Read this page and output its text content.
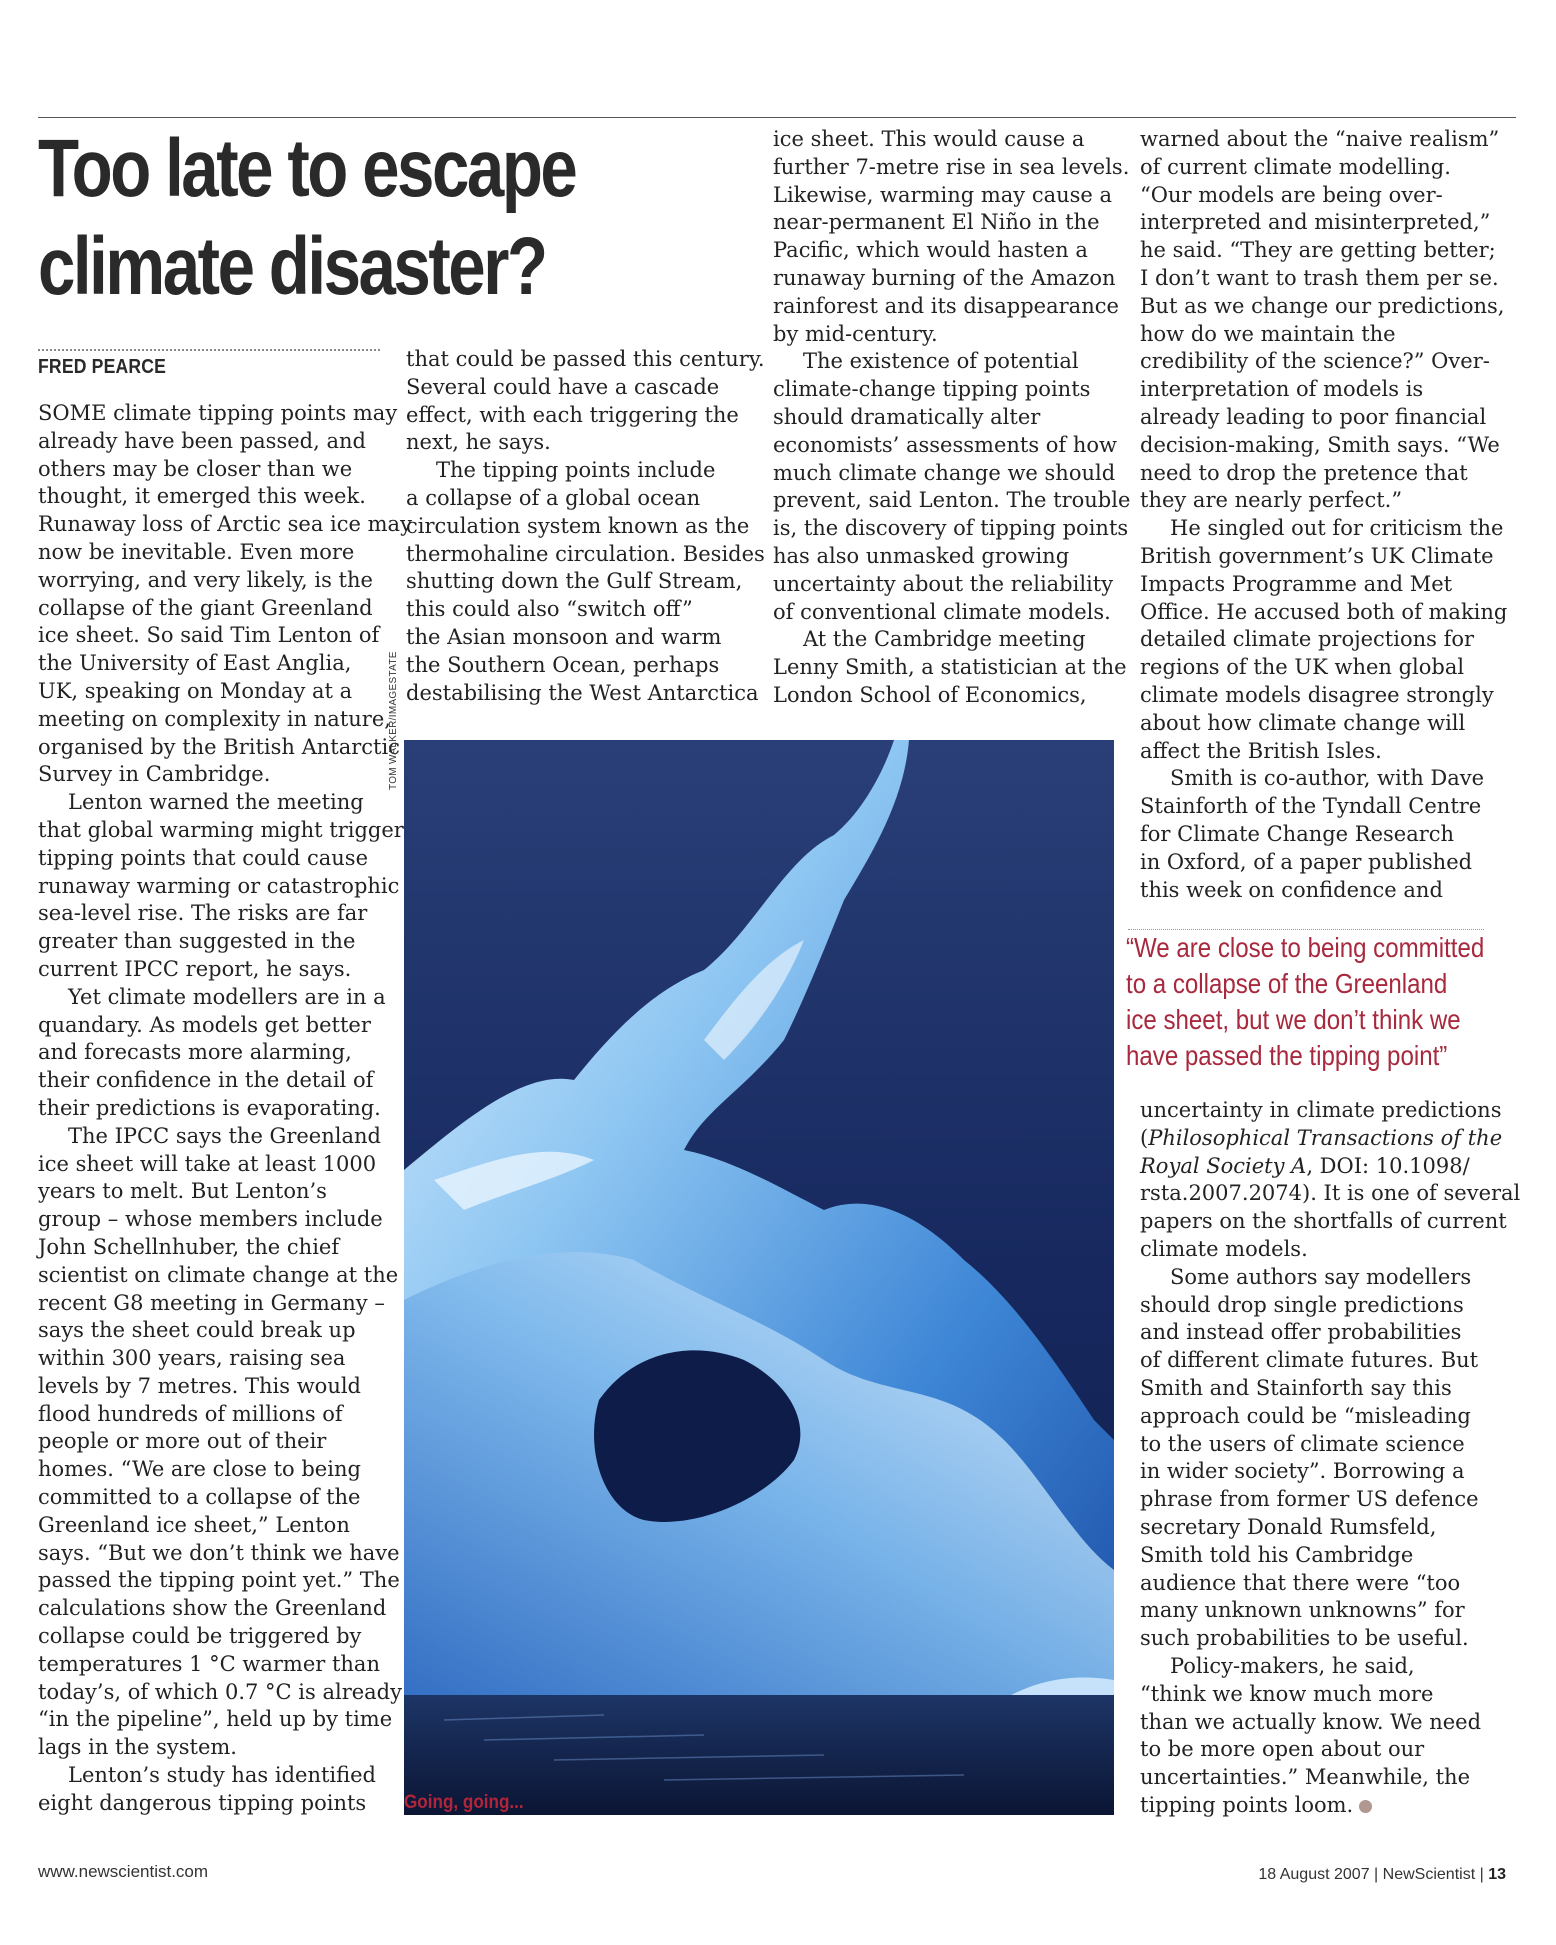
Too late to escape
climate disaster?
FRED PEARCE

SOME climate tipping points may

already have been passed, and

others may be closer than we

thought, it emerged this week.

Runaway loss of Arctic sea ice may

now be inevitable. Even more

worrying, and very likely, is the

collapse of the giant Greenland

ice sheet. So said Tim Lenton of

the University of East Anglia,

UK, speaking on Monday at a

meeting on complexity in nature,

organised by the British Antarctic

Survey in Cambridge.

Lenton warned the meeting

that global warming might trigger

tipping points that could cause

runaway warming or catastrophic

sea-level rise. The risks are far

greater than suggested in the

current IPCC report, he says.

Yet climate modellers are in a

quandary. As models get better

and forecasts more alarming,

their confidence in the detail of

their predictions is evaporating.

The IPCC says the Greenland

ice sheet will take at least 1000

years to melt. But Lenton’s

group – whose members include

John Schellnhuber, the chief

scientist on climate change at the

recent G8 meeting in Germany –

says the sheet could break up

within 300 years, raising sea

levels by 7 metres. This would

flood hundreds of millions of

people or more out of their

homes. “We are close to being

committed to a collapse of the

Greenland ice sheet,” Lenton

says. “But we don’t think we have

passed the tipping point yet.” The

calculations show the Greenland

collapse could be triggered by

temperatures 1 °C warmer than

today’s, of which 0.7 °C is already

“in the pipeline”, held up by time

lags in the system.

Lenton’s study has identified

eight dangerous tipping points

that could be passed this century.

Several could have a cascade

effect, with each triggering the

next, he says.

The tipping points include

a collapse of a global ocean

circulation system known as the

thermohaline circulation. Besides

shutting down the Gulf Stream,

this could also “switch off”

the Asian monsoon and warm

the Southern Ocean, perhaps

destabilising the West Antarctica

ice sheet. This would cause a

further 7-metre rise in sea levels.

Likewise, warming may cause a

near-permanent El Niño in the

Pacific, which would hasten a

runaway burning of the Amazon

rainforest and its disappearance

by mid-century.

The existence of potential

climate-change tipping points

should dramatically alter

economists’ assessments of how

much climate change we should

prevent, said Lenton. The trouble

is, the discovery of tipping points

has also unmasked growing

uncertainty about the reliability

of conventional climate models.

At the Cambridge meeting

Lenny Smith, a statistician at the

London School of Economics,

warned about the “naive realism”

of current climate modelling.

“Our models are being over-

interpreted and misinterpreted,”

he said. “They are getting better;

I don’t want to trash them per se.

But as we change our predictions,

how do we maintain the

credibility of the science?” Over-

interpretation of models is

already leading to poor financial

decision-making, Smith says. “We

need to drop the pretence that

they are nearly perfect.”

He singled out for criticism the

British government’s UK Climate

Impacts Programme and Met

Office. He accused both of making

detailed climate projections for

regions of the UK when global

climate models disagree strongly

about how climate change will

affect the British Isles.

Smith is co-author, with Dave

Stainforth of the Tyndall Centre

for Climate Change Research

in Oxford, of a paper published

this week on confidence and

“We are close to being committed
to a collapse of the Greenland
ice sheet, but we don’t think we
have passed the tipping point”

uncertainty in climate predictions

(Philosophical Transactions of the

Royal Society A, DOI: 10.1098/

rsta.2007.2074). It is one of several

papers on the shortfalls of current

climate models.

Some authors say modellers

should drop single predictions

and instead offer probabilities

of different climate futures. But

Smith and Stainforth say this

approach could be “misleading

to the users of climate science

in wider society”. Borrowing a

phrase from former US defence

secretary Donald Rumsfeld,

Smith told his Cambridge

audience that there were “too

many unknown unknowns” for

such probabilities to be useful.

Policy-makers, he said,

“think we know much more

than we actually know. We need

to be more open about our

uncertainties.” Meanwhile, the

tipping points loom.

TOM WALKER/IMAGESTATE
Going, going...
www.newscientist.com	18 August 2007 | NewScientist | 13
